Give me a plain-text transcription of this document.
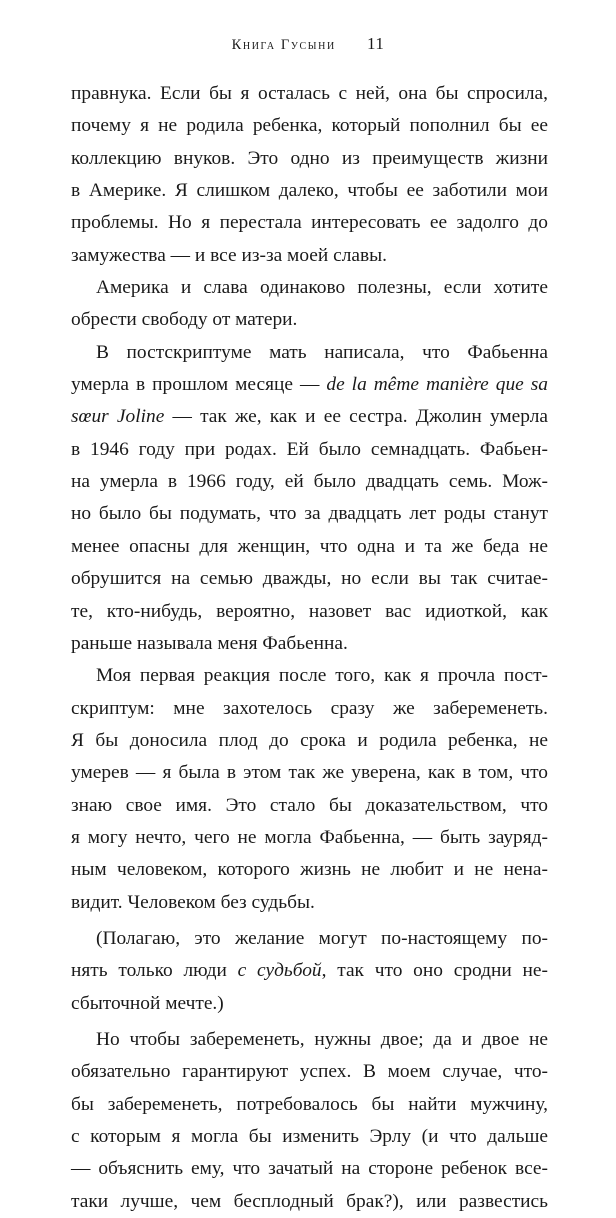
Книга Гусыни 11
правнука. Если бы я осталась с ней, она бы спросила,
почему я не родила ребенка, который пополнил бы ее
коллекцию внуков. Это одно из преимуществ жизни
в Америке. Я слишком далеко, чтобы ее заботили мои
проблемы. Но я перестала интересовать ее задолго до
замужества — и все из-за моей славы.
Америка и слава одинаково полезны, если хотите
обрести свободу от матери.
В постскриптуме мать написала, что Фабьенна
умерла в прошлом месяце — de la même manière que sa
sœur Joline — так же, как и ее сестра. Джолин умерла
в 1946 году при родах. Ей было семнадцать. Фабьен-
на умерла в 1966 году, ей было двадцать семь. Мож-
но было бы подумать, что за двадцать лет роды станут
менее опасны для женщин, что одна и та же беда не
обрушится на семью дважды, но если вы так считае-
те, кто-нибудь, вероятно, назовет вас идиоткой, как
раньше называла меня Фабьенна.
Моя первая реакция после того, как я прочла пост-
скриптум: мне захотелось сразу же забеременеть.
Я бы доносила плод до срока и родила ребенка, не
умерев — я была в этом так же уверена, как в том, что
знаю свое имя. Это стало бы доказательством, что
я могу нечто, чего не могла Фабьенна, — быть зауряд-
ным человеком, которого жизнь не любит и не нена-
видит. Человеком без судьбы.
(Полагаю, это желание могут по-настоящему по-
нять только люди с судьбой, так что оно сродни не-
сбыточной мечте.)
Но чтобы забеременеть, нужны двое; да и двое не
обязательно гарантируют успех. В моем случае, что-
бы забеременеть, потребовалось бы найти мужчину,
с которым я могла бы изменить Эрлу (и что дальше
— объяснить ему, что зачатый на стороне ребенок все-
таки лучше, чем бесплодный брак?), или развестись
